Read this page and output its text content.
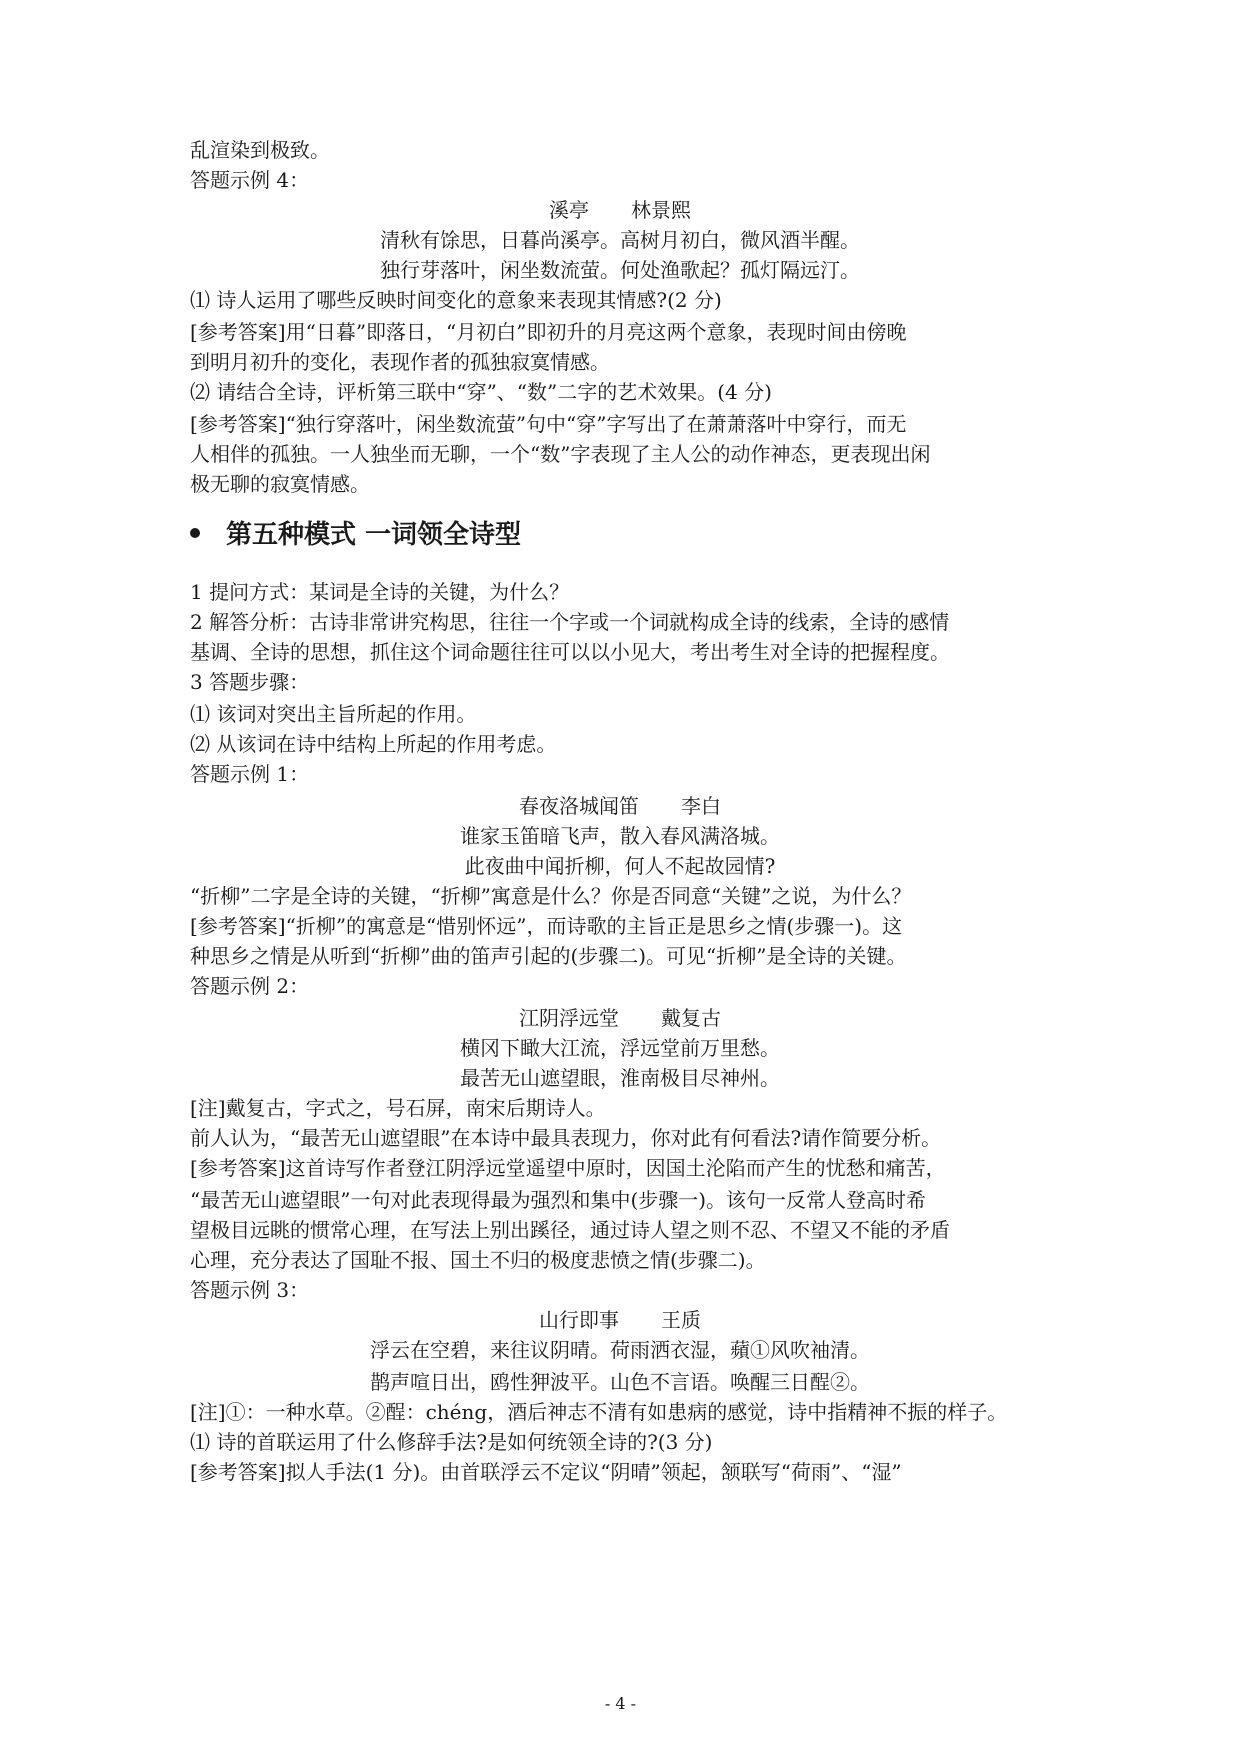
乱渲染到极致。
答题示例 4：
溪亭 林景熙
清秋有馀思，日暮尚溪亭。高树月初白，微风酒半醒。
独行芽落叶，闲坐数流萤。何处渔歌起？孤灯隔远汀。
⑴ 诗人运用了哪些反映时间变化的意象来表现其情感?(2 分)
[参考答案]用“日暮”即落日，“月初白”即初升的月亮这两个意象，表现时间由傍晚
到明月初升的变化，表现作者的孤独寂寞情感。
⑵ 请结合全诗，评析第三联中“穿”、“数”二字的艺术效果。(4 分)
[参考答案]“独行穿落叶，闲坐数流萤”句中“穿”字写出了在萧萧落叶中穿行，而无
人相伴的孤独。一人独坐而无聊，一个“数”字表现了主人公的动作神态，更表现出闲
极无聊的寂寞情感。
第五种模式 一词领全诗型
1 提问方式：某词是全诗的关键，为什么？
2 解答分析：古诗非常讲究构思，往往一个字或一个词就构成全诗的线索，全诗的感情
基调、全诗的思想，抓住这个词命题往往可以以小见大，考出考生对全诗的把握程度。
3 答题步骤：
⑴ 该词对突出主旨所起的作用。
⑵ 从该词在诗中结构上所起的作用考虑。
答题示例 1：
春夜洛城闻笛 李白
谁家玉笛暗飞声，散入春风满洛城。
此夜曲中闻折柳，何人不起故园情?
“折柳”二字是全诗的关键，“折柳”寓意是什么？你是否同意“关键”之说，为什么？
[参考答案]“折柳”的寓意是“惜别怀远”，而诗歌的主旨正是思乡之情(步骤一)。这
种思乡之情是从听到“折柳”曲的笛声引起的(步骤二)。可见“折柳”是全诗的关键。
答题示例 2：
江阴浮远堂 戴复古
横冈下瞰大江流，浮远堂前万里愁。
最苦无山遮望眼，淮南极目尽神州。
[注]戴复古，字式之，号石屏，南宋后期诗人。
前人认为，“最苦无山遮望眼”在本诗中最具表现力，你对此有何看法?请作简要分析。
[参考答案]这首诗写作者登江阴浮远堂遥望中原时，因国土沦陷而产生的忧愁和痛苦，
“最苦无山遮望眼”一句对此表现得最为强烈和集中(步骤一)。该句一反常人登高时希
望极目远眺的惯常心理，在写法上别出蹊径，通过诗人望之则不忍、不望又不能的矛盾
心理，充分表达了国耻不报、国土不归的极度悲愤之情(步骤二)。
答题示例 3：
山行即事 王质
浮云在空碧，来往议阴晴。荷雨洒衣湿，蘋①风吹袖清。
鹊声喧日出，鸥性狎波平。山色不言语。唤醒三日酲②。
[注]①：一种水草。②酲：chéng，酒后神志不清有如患病的感觉，诗中指精神不振的样子。
⑴ 诗的首联运用了什么修辞手法?是如何统领全诗的?(3 分)
[参考答案]拟人手法(1 分)。由首联浮云不定议“阴晴”领起，颔联写“荷雨”、“湿”
- 4 -
